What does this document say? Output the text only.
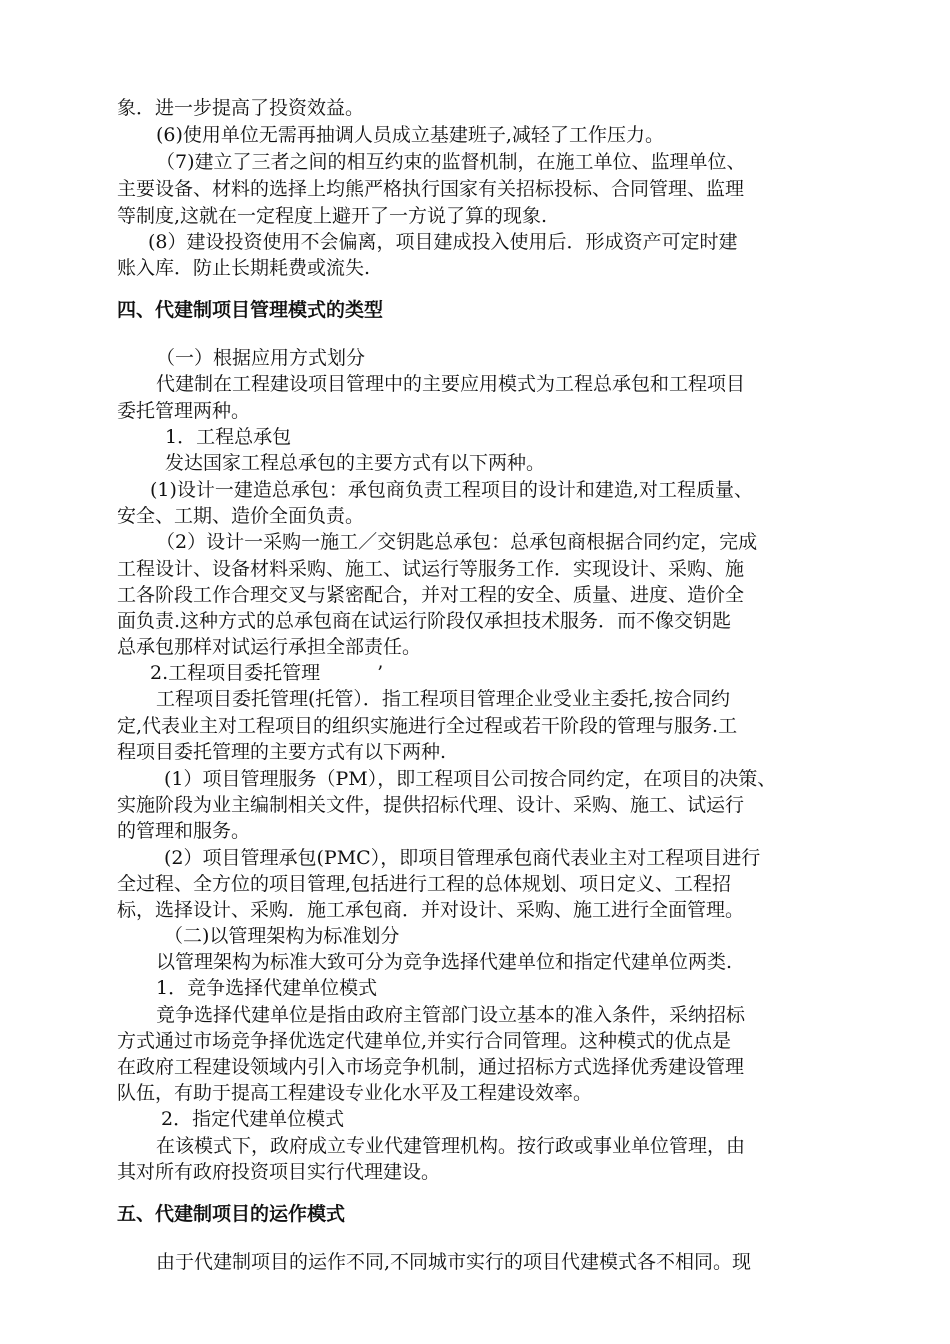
象．进一步提高了投资效益。
(6)使用单位无需再抽调人员成立基建班子,减轻了工作压力。
（7)建立了三者之间的相互约束的监督机制，在施工单位、监理单位、
主要设备、材料的选择上均熊严格执行国家有关招标投标、合同管理、监理
等制度,这就在一定程度上避开了一方说了算的现象.
(8）建设投资使用不会偏离，项目建成投入使用后．形成资产可定时建
账入库．防止长期耗费或流失.
四、代建制项目管理模式的类型
（一）根据应用方式划分
代建制在工程建设项目管理中的主要应用模式为工程总承包和工程项目
委托管理两种。
1．工程总承包
发达国家工程总承包的主要方式有以下两种。
(1)设计一建造总承包：承包商负责工程项目的设计和建造,对工程质量、
安全、工期、造价全面负责。
（2）设计一采购一施工／交钥匙总承包：总承包商根据合同约定，完成
工程设计、设备材料采购、施工、试运行等服务工作．实现设计、采购、施
工各阶段工作合理交叉与紧密配合，并对工程的安全、质量、进度、造价全
面负责.这种方式的总承包商在试运行阶段仅承担技术服务．而不像交钥匙
总承包那样对试运行承担全部责任。
2.工程项目委托管理　　　’
工程项目委托管理(托管）．指工程项目管理企业受业主委托,按合同约
定,代表业主对工程项目的组织实施进行全过程或若干阶段的管理与服务.工
程项目委托管理的主要方式有以下两种.
(1）项目管理服务（PM），即工程项目公司按合同约定，在项目的决策、
实施阶段为业主编制相关文件，提供招标代理、设计、采购、施工、试运行
的管理和服务。
(2）项目管理承包(PMC），即项目管理承包商代表业主对工程项目进行
全过程、全方位的项目管理,包括进行工程的总体规划、项日定义、工程招
标，选择设计、采购．施工承包商．并对设计、采购、施工进行全面管理。
（二)以管理架构为标准划分
以管理架构为标准大致可分为竞争选择代建单位和指定代建单位两类.
1．竞争选择代建单位模式
竟争选择代建单位是指由政府主管部门设立基本的准入条件，采纳招标
方式通过市场竞争择优选定代建单位,并实行合同管理。这种模式的优点是
在政府工程建设领域内引入市场竞争机制，通过招标方式选择优秀建设管理
队伍，有助于提高工程建设专业化水平及工程建设效率。
2．指定代建单位模式
在该模式下，政府成立专业代建管理机构。按行政或事业单位管理，由
其对所有政府投资项目实行代理建设。
五、代建制项目的运作模式
由于代建制项目的运作不同,不同城市实行的项目代建模式各不相同。现
